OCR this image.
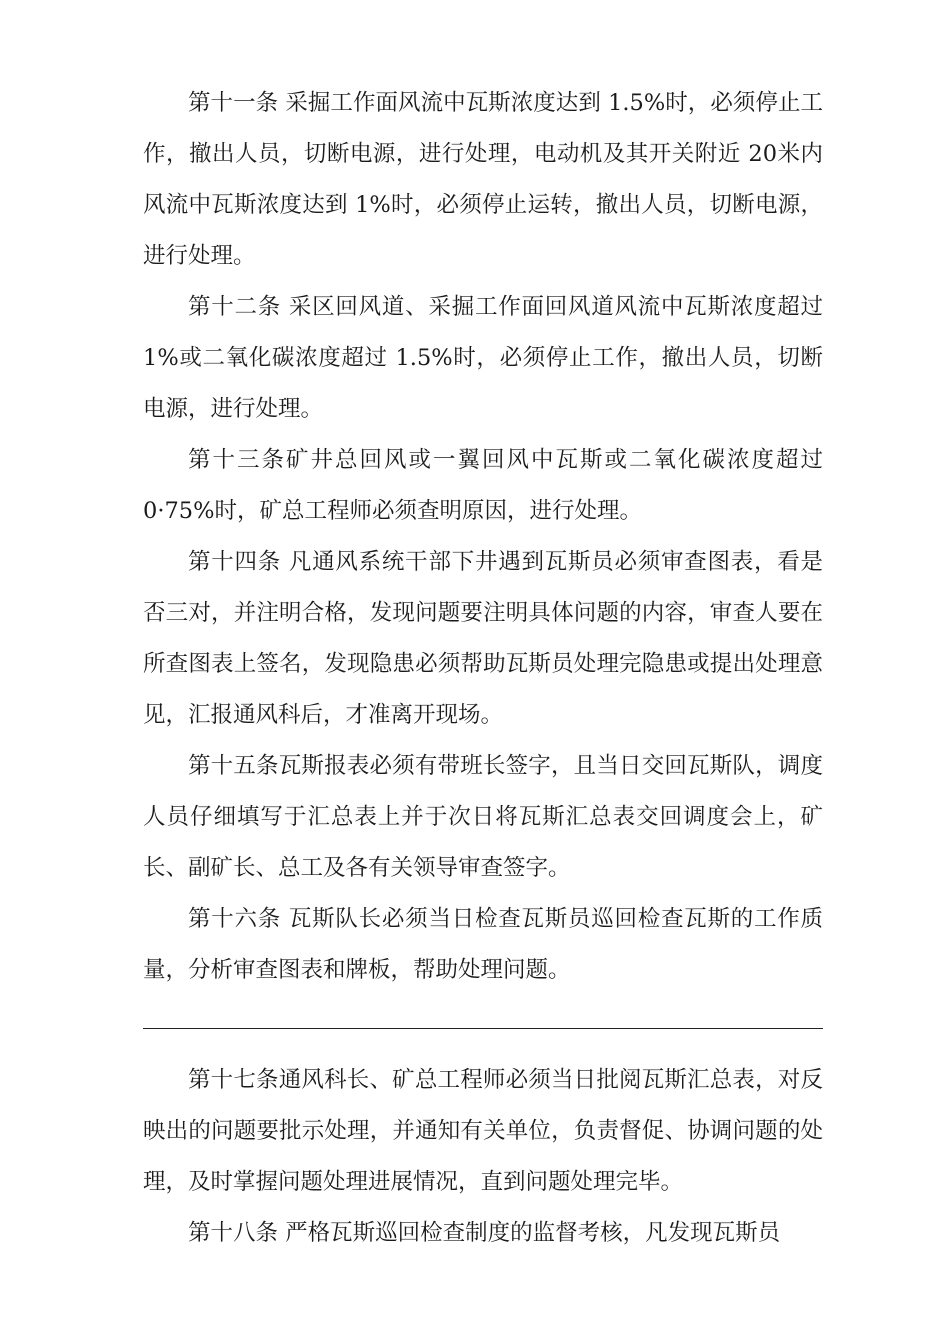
第十一条 采掘工作面风流中瓦斯浓度达到 1.5%时，必须停止工作，撤出人员，切断电源，进行处理，电动机及其开关附近 20米内风流中瓦斯浓度达到 1%时，必须停止运转，撤出人员，切断电源，进行处理。

第十二条 采区回风道、采掘工作面回风道风流中瓦斯浓度超过 1%或二氧化碳浓度超过 1.5%时，必须停止工作，撤出人员，切断电源，进行处理。

第十三条矿井总回风或一翼回风中瓦斯或二氧化碳浓度超过0·75%时，矿总工程师必须查明原因，进行处理。

第十四条 凡通风系统干部下井遇到瓦斯员必须审查图表，看是否三对，并注明合格，发现问题要注明具体问题的内容，审查人要在所查图表上签名，发现隐患必须帮助瓦斯员处理完隐患或提出处理意见，汇报通风科后，才准离开现场。

第十五条瓦斯报表必须有带班长签字，且当日交回瓦斯队，调度人员仔细填写于汇总表上并于次日将瓦斯汇总表交回调度会上，矿长、副矿长、总工及各有关领导审查签字。

第十六条 瓦斯队长必须当日检查瓦斯员巡回检查瓦斯的工作质量，分析审查图表和牌板，帮助处理问题。

第十七条通风科长、矿总工程师必须当日批阅瓦斯汇总表，对反映出的问题要批示处理，并通知有关单位，负责督促、协调问题的处理，及时掌握问题处理进展情况，直到问题处理完毕。

第十八条 严格瓦斯巡回检查制度的监督考核，凡发现瓦斯员
